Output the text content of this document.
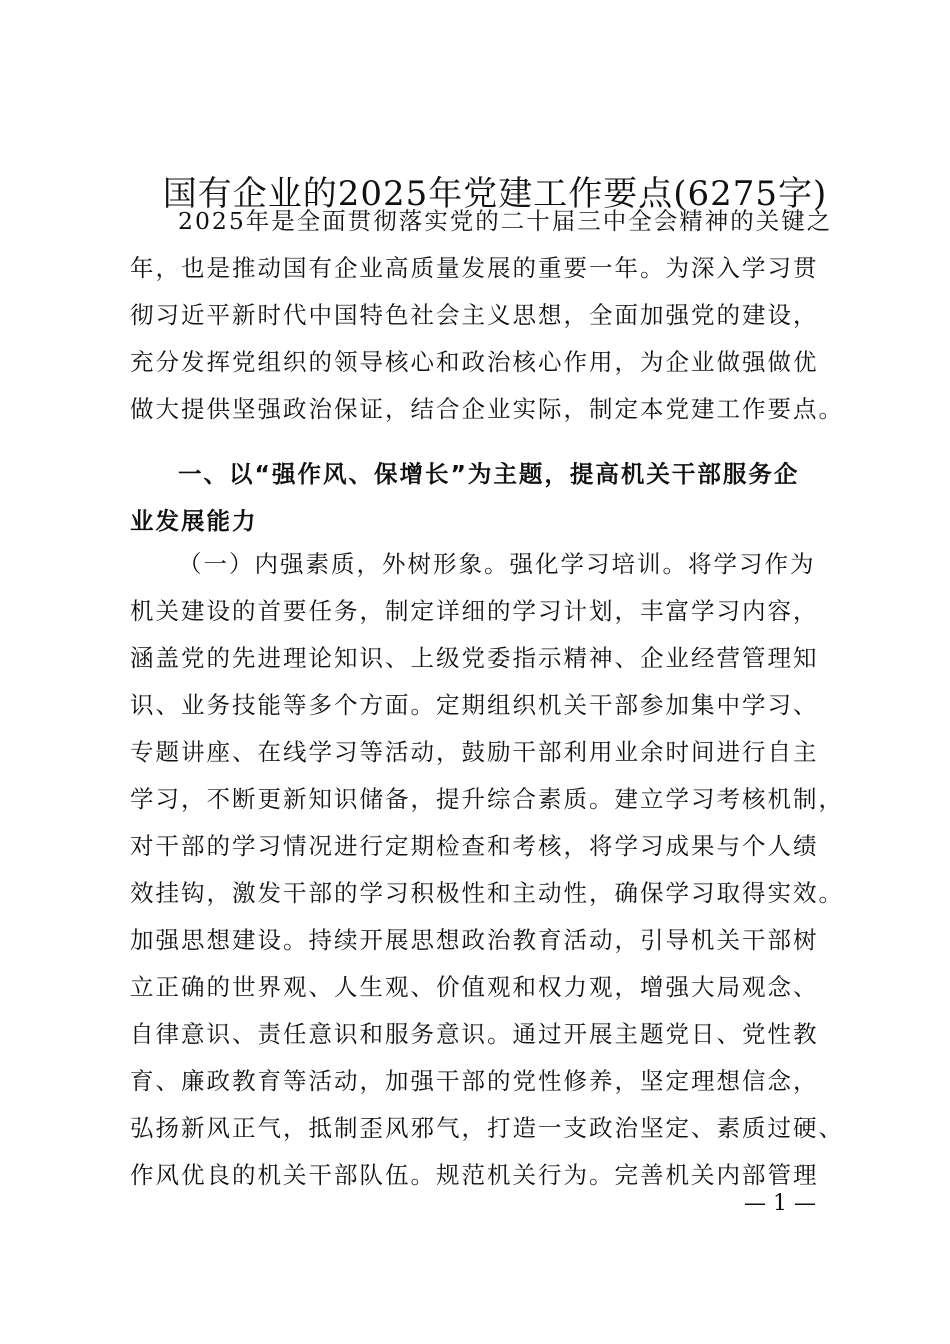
国有企业的2025年党建工作要点(6275字)
2025年是全面贯彻落实党的二十届三中全会精神的关键之
年，也是推动国有企业高质量发展的重要一年。为深入学习贯
彻习近平新时代中国特色社会主义思想，全面加强党的建设，
充分发挥党组织的领导核心和政治核心作用，为企业做强做优
做大提供坚强政治保证，结合企业实际，制定本党建工作要点。
一、以“强作风、保增长”为主题，提高机关干部服务企
业发展能力
（一）内强素质，外树形象。强化学习培训。将学习作为
机关建设的首要任务，制定详细的学习计划，丰富学习内容，
涵盖党的先进理论知识、上级党委指示精神、企业经营管理知
识、业务技能等多个方面。定期组织机关干部参加集中学习、
专题讲座、在线学习等活动，鼓励干部利用业余时间进行自主
学习，不断更新知识储备，提升综合素质。建立学习考核机制，
对干部的学习情况进行定期检查和考核，将学习成果与个人绩
效挂钩，激发干部的学习积极性和主动性，确保学习取得实效。
加强思想建设。持续开展思想政治教育活动，引导机关干部树
立正确的世界观、人生观、价值观和权力观，增强大局观念、
自律意识、责任意识和服务意识。通过开展主题党日、党性教
育、廉政教育等活动，加强干部的党性修养，坚定理想信念，
弘扬新风正气，抵制歪风邪气，打造一支政治坚定、素质过硬、
作风优良的机关干部队伍。规范机关行为。完善机关内部管理
— 1 —
